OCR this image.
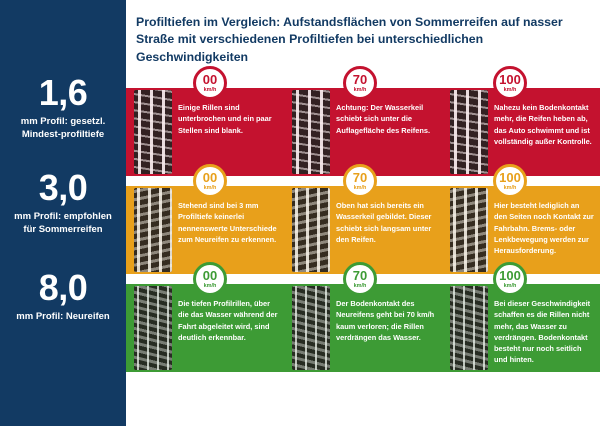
1,6
mm Profil: gesetzl. Mindest-profiltiefe
3,0
mm Profil: empfohlen für Sommerreifen
8,0
mm Profil: Neureifen
Profiltiefen im Vergleich: Aufstandsflächen von Sommerreifen auf nasser Straße mit verschiedenen Profiltiefen bei unterschiedlichen Geschwindigkeiten
00
km/h
70
km/h
100
km/h
Einige Rillen sind unterbrochen und ein paar Stellen sind blank.
Achtung: Der Wasserkeil schiebt sich unter die Auflagefläche des Reifens.
Nahezu kein Bodenkontakt mehr, die Reifen heben ab, das Auto schwimmt und ist vollständig außer Kontrolle.
00
km/h
70
km/h
100
km/h
Stehend sind bei 3 mm Profiltiefe keinerlei nennenswerte Unterschiede zum Neureifen zu erkennen.
Oben hat sich bereits ein Wasserkeil gebildet. Dieser schiebt sich langsam unter den Reifen.
Hier besteht lediglich an den Seiten noch Kontakt zur Fahrbahn. Brems- oder Lenkbewegung werden zur Herausforderung.
00
km/h
70
km/h
100
km/h
Die tiefen Profilrillen, über die das Wasser während der Fahrt abgeleitet wird, sind deutlich erkennbar.
Der Bodenkontakt des Neureifens geht bei 70 km/h kaum verloren; die Rillen verdrängen das Wasser.
Bei dieser Geschwindigkeit schaffen es die Rillen nicht mehr, das Wasser zu verdrängen. Bodenkontakt besteht nur noch seitlich und hinten.
